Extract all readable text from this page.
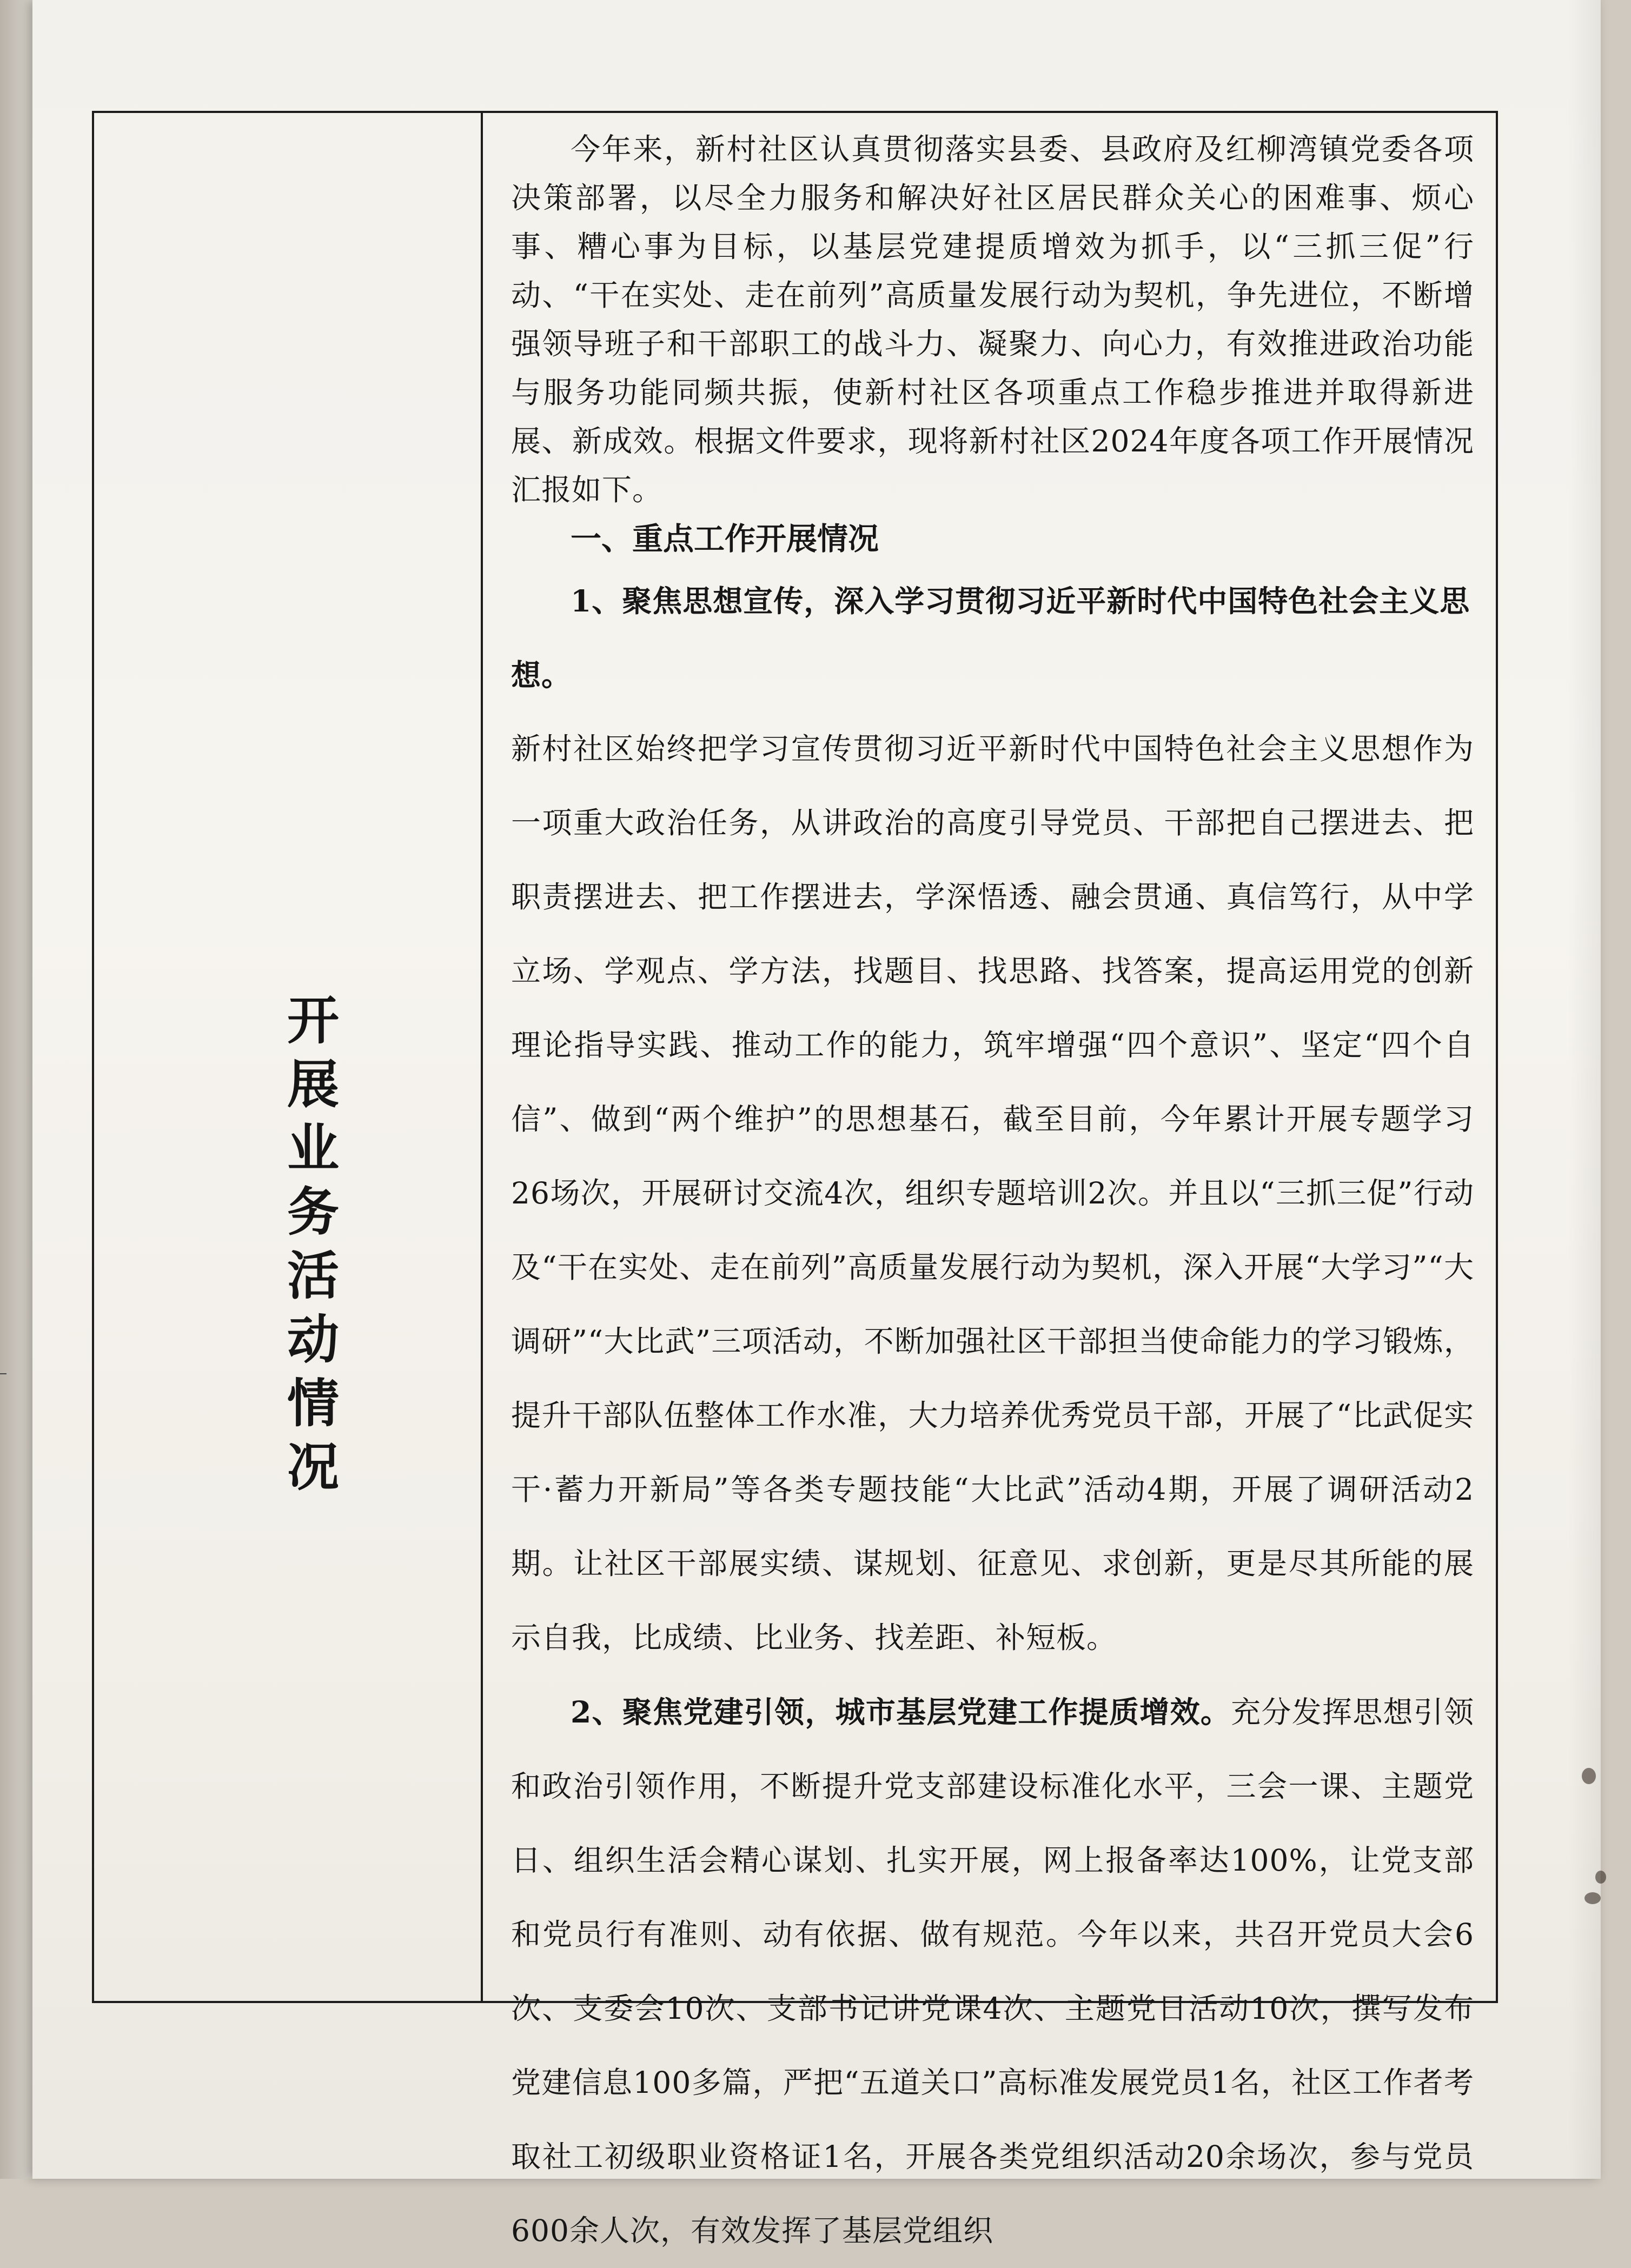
开展业务活动情况

今年来，新村社区认真贯彻落实县委、县政府及红柳湾镇党委各项决策部署，以尽全力服务和解决好社区居民群众关心的困难事、烦心事、糟心事为目标，以基层党建提质增效为抓手，以“三抓三促”行动、“干在实处、走在前列”高质量发展行动为契机，争先进位，不断增强领导班子和干部职工的战斗力、凝聚力、向心力，有效推进政治功能与服务功能同频共振，使新村社区各项重点工作稳步推进并取得新进展、新成效。根据文件要求，现将新村社区2024年度各项工作开展情况汇报如下。

一、重点工作开展情况

1、聚焦思想宣传，深入学习贯彻习近平新时代中国特色社会主义思想。

新村社区始终把学习宣传贯彻习近平新时代中国特色社会主义思想作为一项重大政治任务，从讲政治的高度引导党员、干部把自己摆进去、把职责摆进去、把工作摆进去，学深悟透、融会贯通、真信笃行，从中学立场、学观点、学方法，找题目、找思路、找答案，提高运用党的创新理论指导实践、推动工作的能力，筑牢增强“四个意识”、坚定“四个自信”、做到“两个维护”的思想基石，截至目前，今年累计开展专题学习26场次，开展研讨交流4次，组织专题培训2次。并且以“三抓三促”行动及“干在实处、走在前列”高质量发展行动为契机，深入开展“大学习”“大调研”“大比武”三项活动，不断加强社区干部担当使命能力的学习锻炼，提升干部队伍整体工作水准，大力培养优秀党员干部，开展了“比武促实干·蓄力开新局”等各类专题技能“大比武”活动4期，开展了调研活动2期。让社区干部展实绩、谋规划、征意见、求创新，更是尽其所能的展示自我，比成绩、比业务、找差距、补短板。

2、聚焦党建引领，城市基层党建工作提质增效。充分发挥思想引领和政治引领作用，不断提升党支部建设标准化水平，三会一课、主题党日、组织生活会精心谋划、扎实开展，网上报备率达100%，让党支部和党员行有准则、动有依据、做有规范。今年以来，共召开党员大会6次、支委会10次、支部书记讲党课4次、主题党日活动10次，撰写发布党建信息100多篇，严把“五道关口”高标准发展党员1名，社区工作者考取社工初级职业资格证1名，开展各类党组织活动20余场次，参与党员600余人次，有效发挥了基层党组织
